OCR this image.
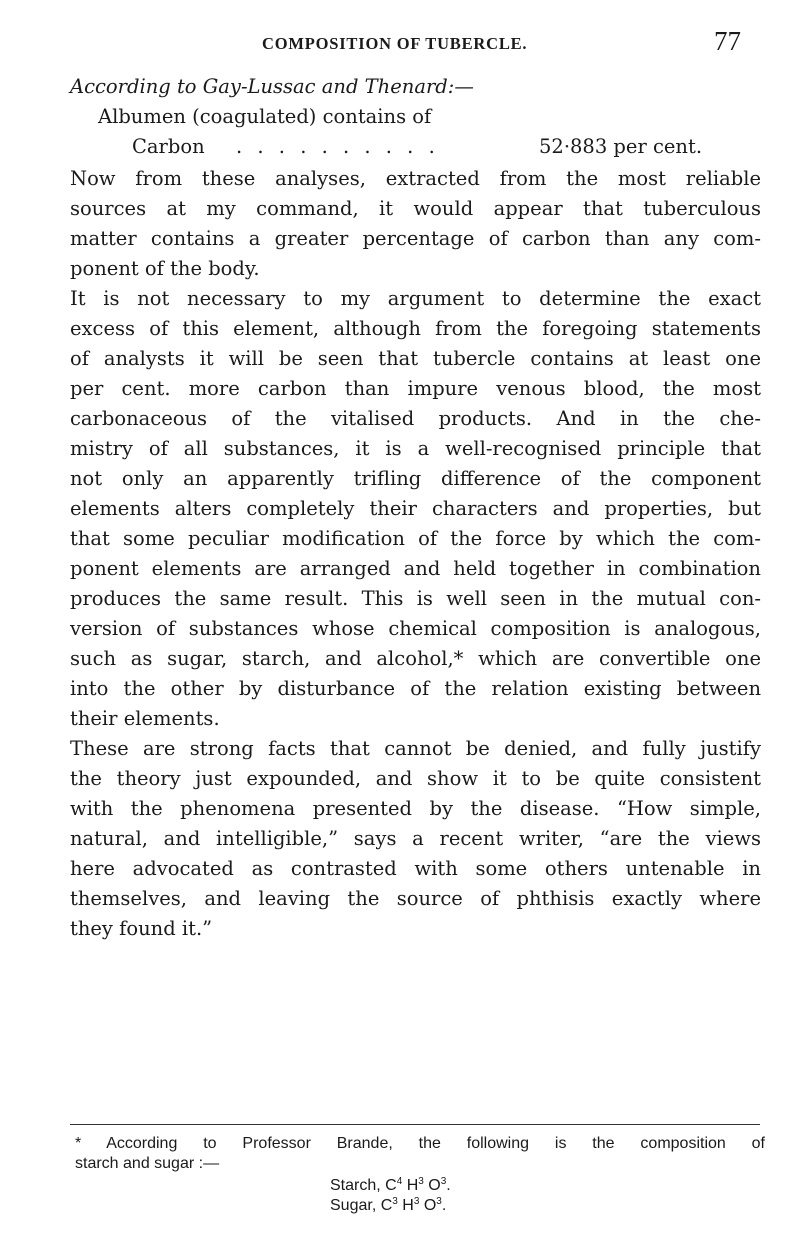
COMPOSITION OF TUBERCLE.	77
According to Gay-Lussac and Thenard:—
Albumen (coagulated) contains of
Carbon . . . . . . . . . .	52·883 per cent.
Now from these analyses, extracted from the most reliable
sources at my command, it would appear that tuberculous
matter contains a greater percentage of carbon than any com-
ponent of the body.
It is not necessary to my argument to determine the exact
excess of this element, although from the foregoing statements
of analysts it will be seen that tubercle contains at least one
per cent. more carbon than impure venous blood, the most
carbonaceous of the vitalised products. And in the che-
mistry of all substances, it is a well-recognised principle that
not only an apparently trifling difference of the component
elements alters completely their characters and properties, but
that some peculiar modification of the force by which the com-
ponent elements are arranged and held together in combination
produces the same result. This is well seen in the mutual con-
version of substances whose chemical composition is analogous,
such as sugar, starch, and alcohol,* which are convertible one
into the other by disturbance of the relation existing between
their elements.
These are strong facts that cannot be denied, and fully justify
the theory just expounded, and show it to be quite consistent
with the phenomena presented by the disease. “How simple,
natural, and intelligible,” says a recent writer, “are the views
here advocated as contrasted with some others untenable in
themselves, and leaving the source of phthisis exactly where
they found it.”
* According to Professor Brande, the following is the composition of
starch and sugar :—
Starch, $C^4$ $H^3$ $O^3$.
Sugar, $C^3$ $H^3$ $O^3$.
